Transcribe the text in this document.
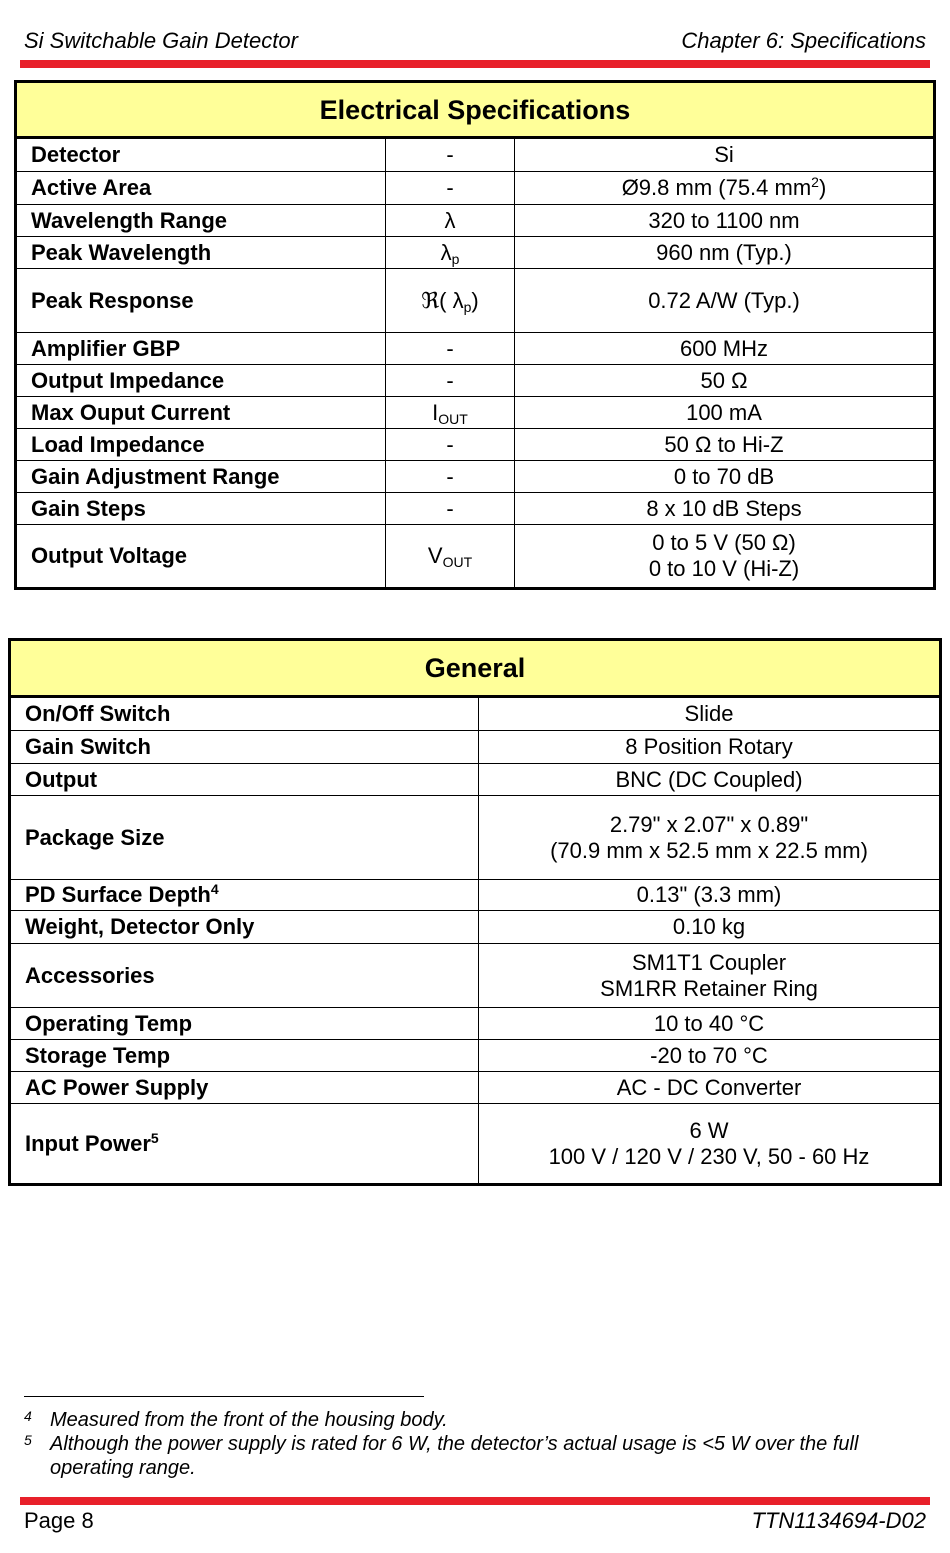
Si Switchable Gain Detector	Chapter 6: Specifications
Electrical Specifications		
Detector	-	Si
Active Area	-	Ø9.8 mm (75.4 $mm^2$)
Wavelength Range	λ	320 to 1100 nm
Peak Wavelength	$\lambda_p$	960 nm (Typ.)
Peak Response	ℜ( $\lambda_p$)	0.72 A/W (Typ.)
Amplifier GBP	-	600 MHz
Output Impedance	-	50 Ω
Max Ouput Current	$I_{OUT}$	100 mA
Load Impedance	-	50 Ω to Hi-Z
Gain Adjustment Range	-	0 to 70 dB
Gain Steps	-	8 x 10 dB Steps
Output Voltage	$V_{OUT}$	0 to 5 V (50 Ω)
0 to 10 V (Hi-Z)
General	
On/Off Switch	Slide
Gain Switch	8 Position Rotary
Output	BNC (DC Coupled)
Package Size	2.79" x 2.07" x 0.89"
(70.9 mm x 52.5 mm x 22.5 mm)

PD Surface Depth$^4$	0.13" (3.3 mm)
Weight, Detector Only	0.10 kg
Accessories	SM1T1 Coupler
SM1RR Retainer Ring

Operating Temp	10 to 40 °C
Storage Temp	-20 to 70 °C
AC Power Supply	AC - DC Converter
Input Power$^5$	6 W
100 V / 120 V / 230 V, 50 - 60 Hz
4 Measured from the front of the housing body.
5 Although the power supply is rated for 6 W, the detector’s actual usage is <5 W over the full operating range.
Page 8	TTN1134694-D02
